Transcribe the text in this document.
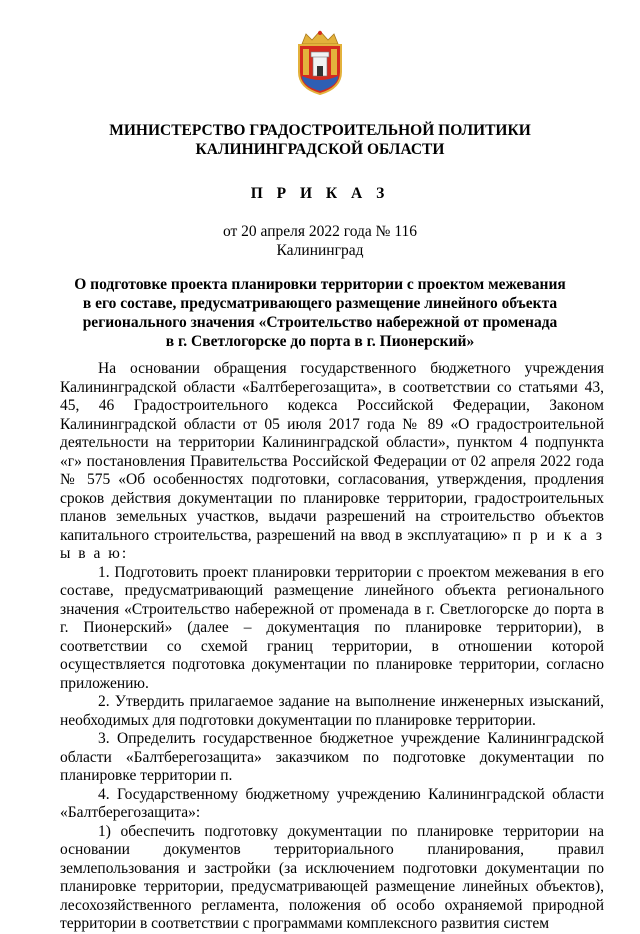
МИНИСТЕРСТВО ГРАДОСТРОИТЕЛЬНОЙ ПОЛИТИКИ
КАЛИНИНГРАДСКОЙ ОБЛАСТИ
П Р И К А З
от 20 апреля 2022 года № 116
Калининград
О подготовке проекта планировки территории с проектом межевания
в его составе, предусматривающего размещение линейного объекта
регионального значения «Строительство набережной от променада
в г. Светлогорске до порта в г. Пионерский»

На основании обращения государственного бюджетного учреждения Калининградской области «Балтберегозащита», в соответствии со статьями 43, 45, 46 Градостроительного кодекса Российской Федерации, Законом Калининградской области от 05 июля 2017 года № 89 «О градостроительной деятельности на территории Калининградской области», пунктом 4 подпункта «г» постановления Правительства Российской Федерации от 02 апреля 2022 года № 575 «Об особенностях подготовки, согласования, утверждения, продления сроков действия документации по планировке территории, градостроительных планов земельных участков, выдачи разрешений на строительство объектов капитального строительства, разрешений на ввод в эксплуатацию» п р и к а з ы в а ю:

1. Подготовить проект планировки территории с проектом межевания в его составе, предусматривающий размещение линейного объекта регионального значения «Строительство набережной от променада в г. Светлогорске до порта в г. Пионерский» (далее – документация по планировке территории), в соответствии со схемой границ территории, в отношении которой осуществляется подготовка документации по планировке территории, согласно приложению.

2. Утвердить прилагаемое задание на выполнение инженерных изысканий, необходимых для подготовки документации по планировке территории.

3. Определить государственное бюджетное учреждение Калининградской области «Балтберегозащита» заказчиком по подготовке документации по планировке территории п.

4. Государственному бюджетному учреждению Калининградской области «Балтберегозащита»:

1) обеспечить подготовку документации по планировке территории на основании документов территориального планирования, правил землепользования и застройки (за исключением подготовки документации по планировке территории, предусматривающей размещение линейных объектов), лесохозяйственного регламента, положения об особо охраняемой природной территории в соответствии с программами комплексного развития систем
